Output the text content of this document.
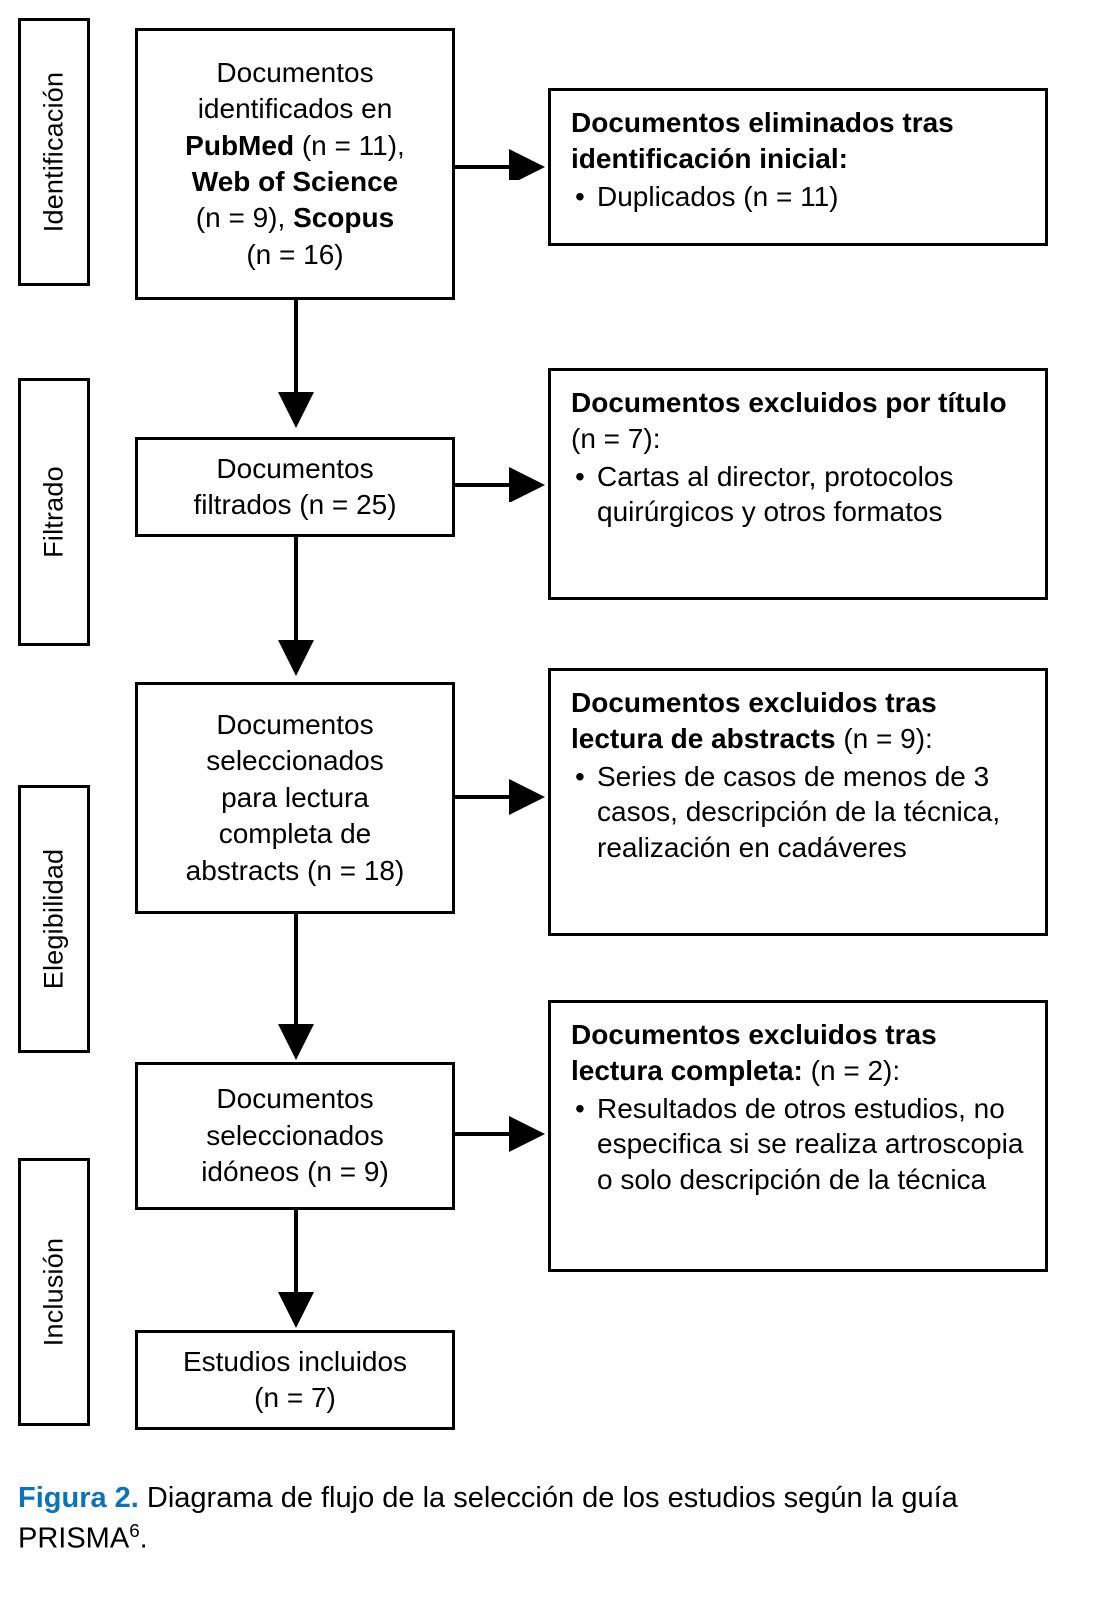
Identificación
Filtrado
Elegibilidad
Inclusión
Documentos
identificados en
PubMed (n = 11),
Web of Science
(n = 9), Scopus
(n = 16)
Documentos
filtrados (n = 25)
Documentos
seleccionados
para lectura
completa de
abstracts (n = 18)
Documentos
seleccionados
idóneos (n = 9)
Estudios incluidos
(n = 7)
Documentos eliminados tras identificación inicial:
• Duplicados (n = 11)
Documentos excluidos por título (n = 7):
• Cartas al director, protocolos quirúrgicos y otros formatos
Documentos excluidos tras lectura de abstracts (n = 9):
• Series de casos de menos de 3 casos, descripción de la técnica, realización en cadáveres
Documentos excluidos tras lectura completa: (n = 2):
• Resultados de otros estudios, no especifica si se realiza artroscopia o solo descripción de la técnica
Figura 2. Diagrama de flujo de la selección de los estudios según la guía PRISMA$^6$.
